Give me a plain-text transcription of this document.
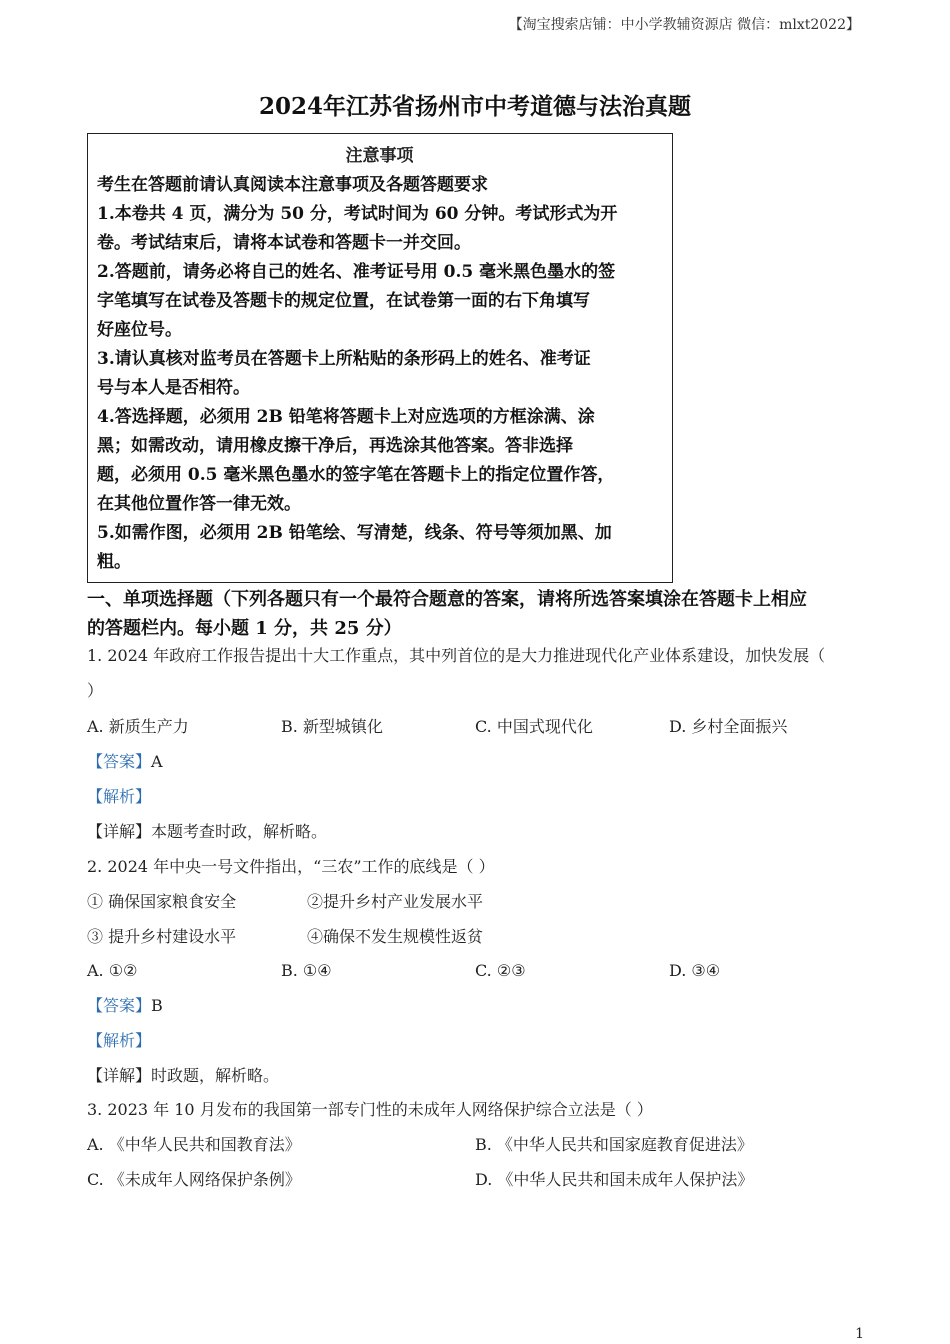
【淘宝搜索店铺：中小学教辅资源店 微信：mlxt2022】
2024年江苏省扬州市中考道德与法治真题
注意事项
考生在答题前请认真阅读本注意事项及各题答题要求
1.本卷共 4 页，满分为 50 分，考试时间为 60 分钟。考试形式为开
卷。考试结束后，请将本试卷和答题卡一并交回。
2.答题前，请务必将自己的姓名、准考证号用 0.5 毫米黑色墨水的签
字笔填写在试卷及答题卡的规定位置，在试卷第一面的右下角填写
好座位号。
3.请认真核对监考员在答题卡上所粘贴的条形码上的姓名、准考证
号与本人是否相符。
4.答选择题，必须用 2B 铅笔将答题卡上对应选项的方框涂满、涂
黑；如需改动，请用橡皮擦干净后，再选涂其他答案。答非选择
题，必须用 0.5 毫米黑色墨水的签字笔在答题卡上的指定位置作答，
在其他位置作答一律无效。
5.如需作图，必须用 2B 铅笔绘、写清楚，线条、符号等须加黑、加
粗。
一、单项选择题（下列各题只有一个最符合题意的答案，请将所选答案填涂在答题卡上相应
的答题栏内。每小题 1 分，共 25 分）
1. 2024 年政府工作报告提出十大工作重点，其中列首位的是大力推进现代化产业体系建设，加快发展（
）
A. 新质生产力	B. 新型城镇化	C. 中国式现代化	D. 乡村全面振兴
【答案】A
【解析】
【详解】本题考查时政，解析略。
2. 2024 年中央一号文件指出，“三农”工作的底线是（ ）
① 确保国家粮食安全	②提升乡村产业发展水平
③ 提升乡村建设水平	④确保不发生规模性返贫
A. ①②	B. ①④	C. ②③	D. ③④
【答案】B
【解析】
【详解】时政题，解析略。
3. 2023 年 10 月发布的我国第一部专门性的未成年人网络保护综合立法是（ ）
A. 《中华人民共和国教育法》	B. 《中华人民共和国家庭教育促进法》
C. 《未成年人网络保护条例》	D. 《中华人民共和国未成年人保护法》
1
